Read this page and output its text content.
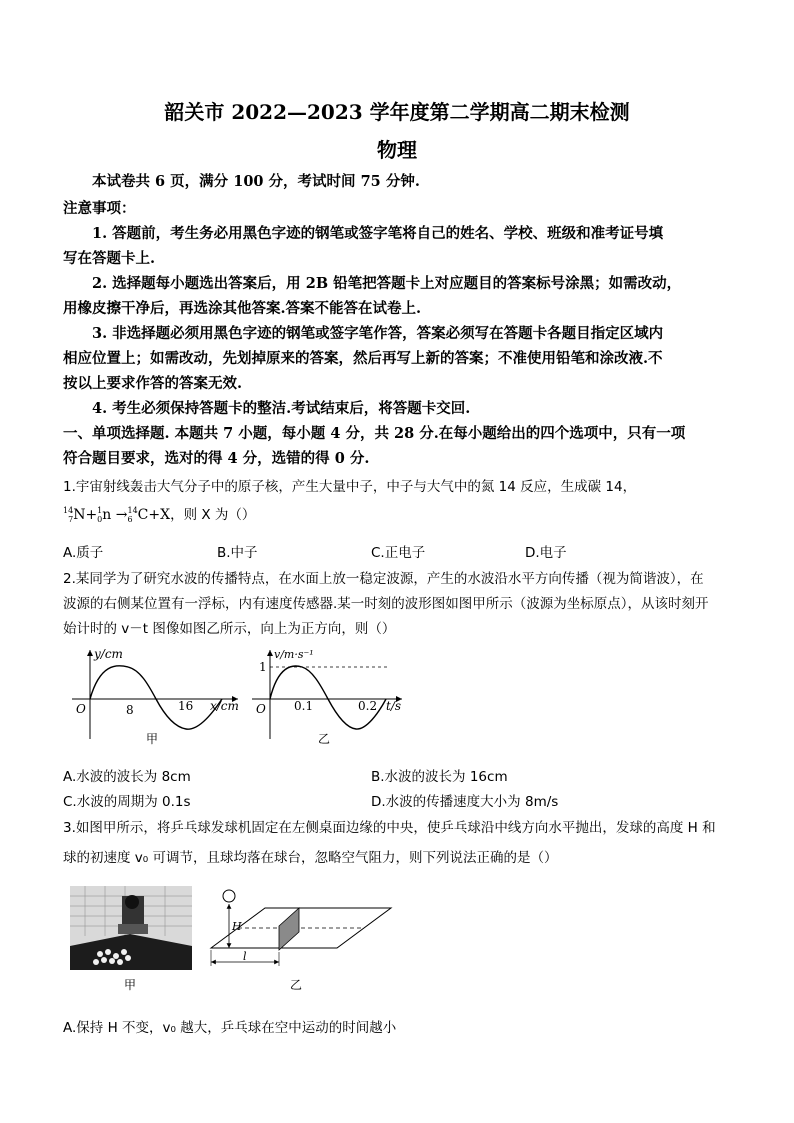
韶关市 2022—2023 学年度第二学期高二期末检测
物理
本试卷共 6 页，满分 100 分，考试时间 75 分钟.
注意事项：
1. 答题前，考生务必用黑色字迹的钢笔或签字笔将自己的姓名、学校、班级和准考证号填
写在答题卡上.
2. 选择题每小题选出答案后，用 2B 铅笔把答题卡上对应题目的答案标号涂黑；如需改动，
用橡皮擦干净后，再选涂其他答案.答案不能答在试卷上.
3. 非选择题必须用黑色字迹的钢笔或签字笔作答，答案必须写在答题卡各题目指定区域内
相应位置上；如需改动，先划掉原来的答案，然后再写上新的答案；不准使用铅笔和涂改液.不
按以上要求作答的答案无效.
4. 考生必须保持答题卡的整洁.考试结束后，将答题卡交回.
一、单项选择题. 本题共 7 小题，每小题 4 分，共 28 分.在每小题给出的四个选项中，只有一项
符合题目要求，选对的得 4 分，选错的得 0 分.
1.宇宙射线轰击大气分子中的原子核，产生大量中子，中子与大气中的氮 14 反应，生成碳 14，
14
7N+1
0n →14
6 C+X，则 X 为（）
A.质子	B.中子	C.正电子	D.电子
2.某同学为了研究水波的传播特点，在水面上放一稳定波源，产生的水波沿水平方向传播（视为简谐波），在
波源的右侧某位置有一浮标，内有速度传感器.某一时刻的波形图如图甲所示（波源为坐标原点），从该时刻开
始计时的 v－t 图像如图乙所示，向上为正方向，则（）
y/cm
O	8	16 x/cm
甲
v/m·s⁻¹
1
O 0.1	0.2 t/s
乙
A.水波的波长为 8cm	B.水波的波长为 16cm
C.水波的周期为 0.1s	D.水波的传播速度大小为 8m/s
3.如图甲所示，将乒乓球发球机固定在左侧桌面边缘的中央，使乒乓球沿中线方向水平抛出，发球的高度 H 和
球的初速度 v₀ 可调节，且球均落在球台，忽略空气阻力，则下列说法正确的是（）
甲
H
l
乙
A.保持 H 不变，v₀ 越大，乒乓球在空中运动的时间越小
